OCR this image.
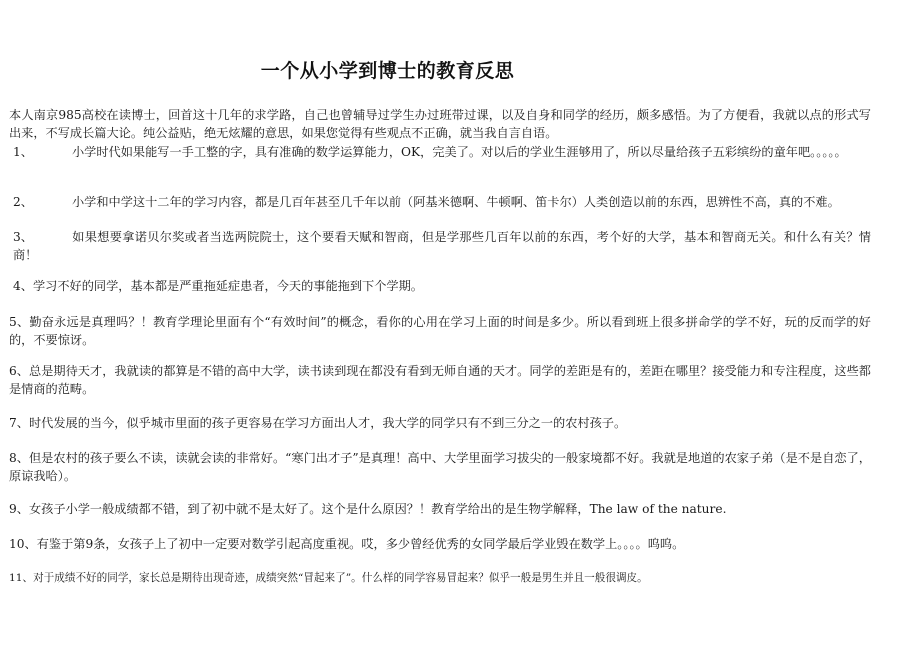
一个从小学到博士的教育反思
本人南京985高校在读博士，回首这十几年的求学路，自己也曾辅导过学生办过班带过课，以及自身和同学的经历，颇多感悟。为了方便看，我就以点的形式写出来，不写成长篇大论。纯公益贴，绝无炫耀的意思，如果您觉得有些观点不正确，就当我自言自语。
1、	小学时代如果能写一手工整的字，具有准确的数学运算能力，OK，完美了。对以后的学业生涯够用了，所以尽量给孩子五彩缤纷的童年吧。。。。。
2、	小学和中学这十二年的学习内容，都是几百年甚至几千年以前（阿基米德啊、牛顿啊、笛卡尔）人类创造以前的东西，思辨性不高，真的不难。
3、	如果想要拿诺贝尔奖或者当选两院院士，这个要看天赋和智商，但是学那些几百年以前的东西，考个好的大学，基本和智商无关。和什么有关？情商！
4、学习不好的同学，基本都是严重拖延症患者，今天的事能拖到下个学期。
5、勤奋永远是真理吗？！教育学理论里面有个“有效时间”的概念，看你的心用在学习上面的时间是多少。所以看到班上很多拼命学的学不好，玩的反而学的好的，不要惊讶。
6、总是期待天才，我就读的都算是不错的高中大学，读书读到现在都没有看到无师自通的天才。同学的差距是有的，差距在哪里？接受能力和专注程度，这些都是情商的范畴。
7、时代发展的当今，似乎城市里面的孩子更容易在学习方面出人才，我大学的同学只有不到三分之一的农村孩子。
8、但是农村的孩子要么不读，读就会读的非常好。“寒门出才子”是真理！高中、大学里面学习拔尖的一般家境都不好。我就是地道的农家子弟（是不是自恋了，原谅我哈）。
9、女孩子小学一般成绩都不错，到了初中就不是太好了。这个是什么原因？！教育学给出的是生物学解释，The law of the nature.
10、有鉴于第9条，女孩子上了初中一定要对数学引起高度重视。哎，多少曾经优秀的女同学最后学业毁在数学上。。。。呜呜。
11、对于成绩不好的同学，家长总是期待出现奇迹，成绩突然“冒起来了”。什么样的同学容易冒起来？似乎一般是男生并且一般很调皮。
